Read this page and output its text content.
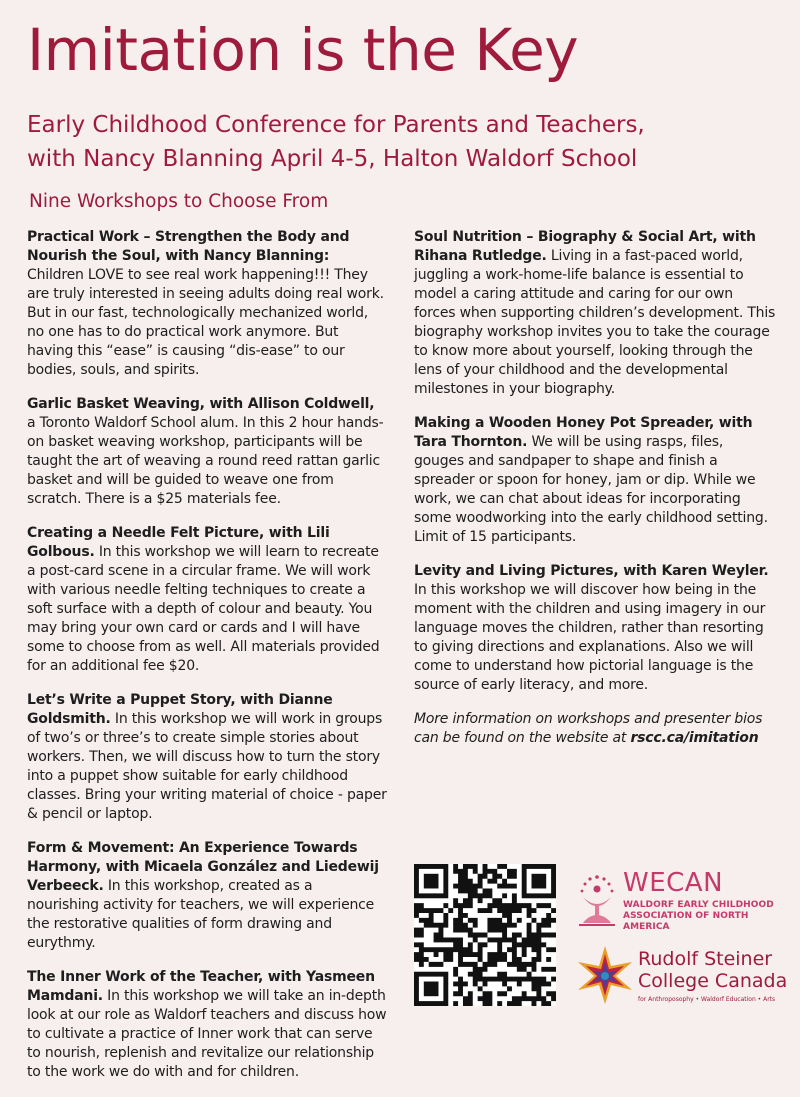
Imitation is the Key
Early Childhood Conference for Parents and Teachers,
with Nancy Blanning April 4-5, Halton Waldorf School
Nine Workshops to Choose From
Practical Work – Strengthen the Body and Nourish the Soul, with Nancy Blanning: Children LOVE to see real work happening!!! They are truly interested in seeing adults doing real work. But in our fast, technologically mechanized world, no one has to do practical work anymore. But having this “ease” is causing “dis-ease” to our bodies, souls, and spirits.
Garlic Basket Weaving, with Allison Coldwell, a Toronto Waldorf School alum. In this 2 hour hands-on basket weaving workshop, participants will be taught the art of weaving a round reed rattan garlic basket and will be guided to weave one from scratch. There is a $25 materials fee.
Creating a Needle Felt Picture, with Lili Golbous. In this workshop we will learn to recreate a post-card scene in a circular frame. We will work with various needle felting techniques to create a soft surface with a depth of colour and beauty. You may bring your own card or cards and I will have some to choose from as well. All materials provided for an additional fee $20.
Let’s Write a Puppet Story, with Dianne Goldsmith. In this workshop we will work in groups of two’s or three’s to create simple stories about workers. Then, we will discuss how to turn the story into a puppet show suitable for early childhood classes. Bring your writing material of choice - paper & pencil or laptop.
Form & Movement: An Experience Towards Harmony, with Micaela González and Liedewij Verbeeck. In this workshop, created as a nourishing activity for teachers, we will experience the restorative qualities of form drawing and eurythmy.
The Inner Work of the Teacher, with Yasmeen Mamdani. In this workshop we will take an in-depth look at our role as Waldorf teachers and discuss how to cultivate a practice of Inner work that can serve to nourish, replenish and revitalize our relationship to the work we do with and for children.
Soul Nutrition – Biography & Social Art, with Rihana Rutledge. Living in a fast-paced world, juggling a work-home-life balance is essential to model a caring attitude and caring for our own forces when supporting children’s development. This biography workshop invites you to take the courage to know more about yourself, looking through the lens of your childhood and the developmental milestones in your biography.
Making a Wooden Honey Pot Spreader, with Tara Thornton. We will be using rasps, files, gouges and sandpaper to shape and finish a spreader or spoon for honey, jam or dip. While we work, we can chat about ideas for incorporating some woodworking into the early childhood setting. Limit of 15 participants.
Levity and Living Pictures, with Karen Weyler. In this workshop we will discover how being in the moment with the children and using imagery in our language moves the children, rather than resorting to giving directions and explanations. Also we will come to understand how pictorial language is the source of early literacy, and more.
More information on workshops and presenter bios can be found on the website at rscc.ca/imitation
WECAN
WALDORF EARLY CHILDHOOD ASSOCIATION OF NORTH AMERICA
Rudolf Steiner
College Canada
for Anthroposophy • Waldorf Education • Arts
